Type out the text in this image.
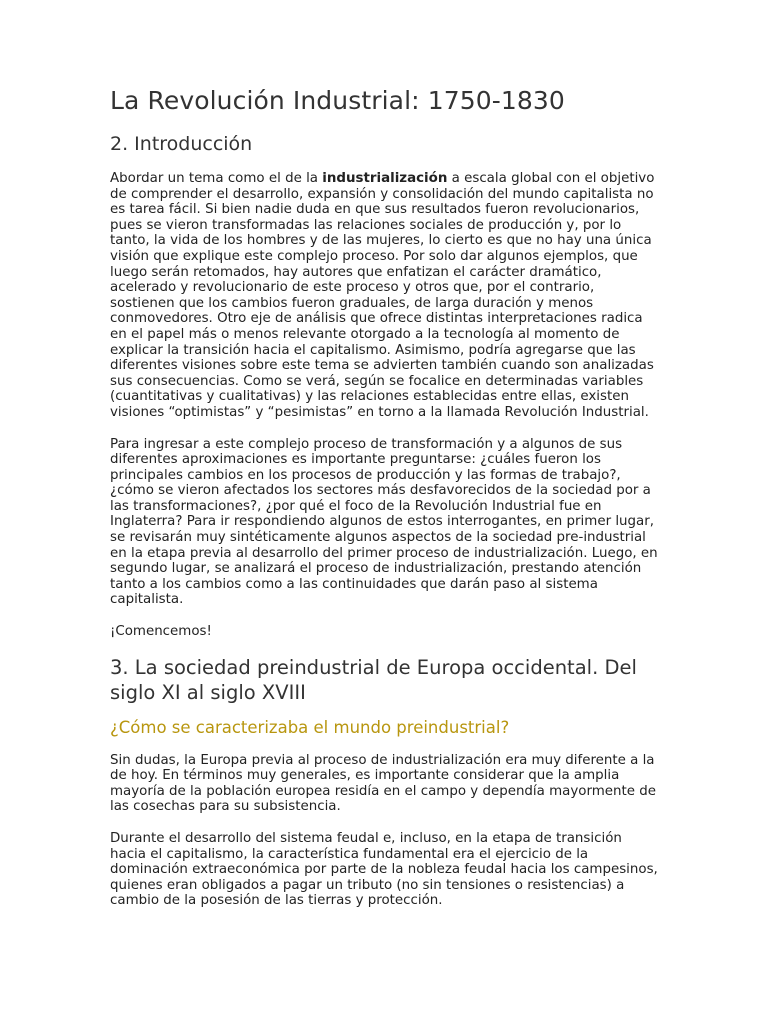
La Revolución Industrial: 1750-1830
2. Introducción

Abordar un tema como el de la industrialización a escala global con el objetivo de comprender el desarrollo, expansión y consolidación del mundo capitalista no es tarea fácil. Si bien nadie duda en que sus resultados fueron revolucionarios, pues se vieron transformadas las relaciones sociales de producción y, por lo tanto, la vida de los hombres y de las mujeres, lo cierto es que no hay una única visión que explique este complejo proceso. Por solo dar algunos ejemplos, que luego serán retomados, hay autores que enfatizan el carácter dramático, acelerado y revolucionario de este proceso y otros que, por el contrario, sostienen que los cambios fueron graduales, de larga duración y menos conmovedores. Otro eje de análisis que ofrece distintas interpretaciones radica en el papel más o menos relevante otorgado a la tecnología al momento de explicar la transición hacia el capitalismo. Asimismo, podría agregarse que las diferentes visiones sobre este tema se advierten también cuando son analizadas sus consecuencias. Como se verá, según se focalice en determinadas variables (cuantitativas y cualitativas) y las relaciones establecidas entre ellas, existen visiones “optimistas” y “pesimistas” en torno a la llamada Revolución Industrial.

Para ingresar a este complejo proceso de transformación y a algunos de sus diferentes aproximaciones es importante preguntarse: ¿cuáles fueron los principales cambios en los procesos de producción y las formas de trabajo?, ¿cómo se vieron afectados los sectores más desfavorecidos de la sociedad por a las transformaciones?, ¿por qué el foco de la Revolución Industrial fue en Inglaterra? Para ir respondiendo algunos de estos interrogantes, en primer lugar, se revisarán muy sintéticamente algunos aspectos de la sociedad pre-industrial en la etapa previa al desarrollo del primer proceso de industrialización. Luego, en segundo lugar, se analizará el proceso de industrialización, prestando atención tanto a los cambios como a las continuidades que darán paso al sistema capitalista.

¡Comencemos!

3. La sociedad preindustrial de Europa occidental. Del siglo XI al siglo XVIII
¿Cómo se caracterizaba el mundo preindustrial?

Sin dudas, la Europa previa al proceso de industrialización era muy diferente a la de hoy. En términos muy generales, es importante considerar que la amplia mayoría de la población europea residía en el campo y dependía mayormente de las cosechas para su subsistencia.

Durante el desarrollo del sistema feudal e, incluso, en la etapa de transición hacia el capitalismo, la característica fundamental era el ejercicio de la dominación extraeconómica por parte de la nobleza feudal hacia los campesinos, quienes eran obligados a pagar un tributo (no sin tensiones o resistencias) a cambio de la posesión de las tierras y protección.
